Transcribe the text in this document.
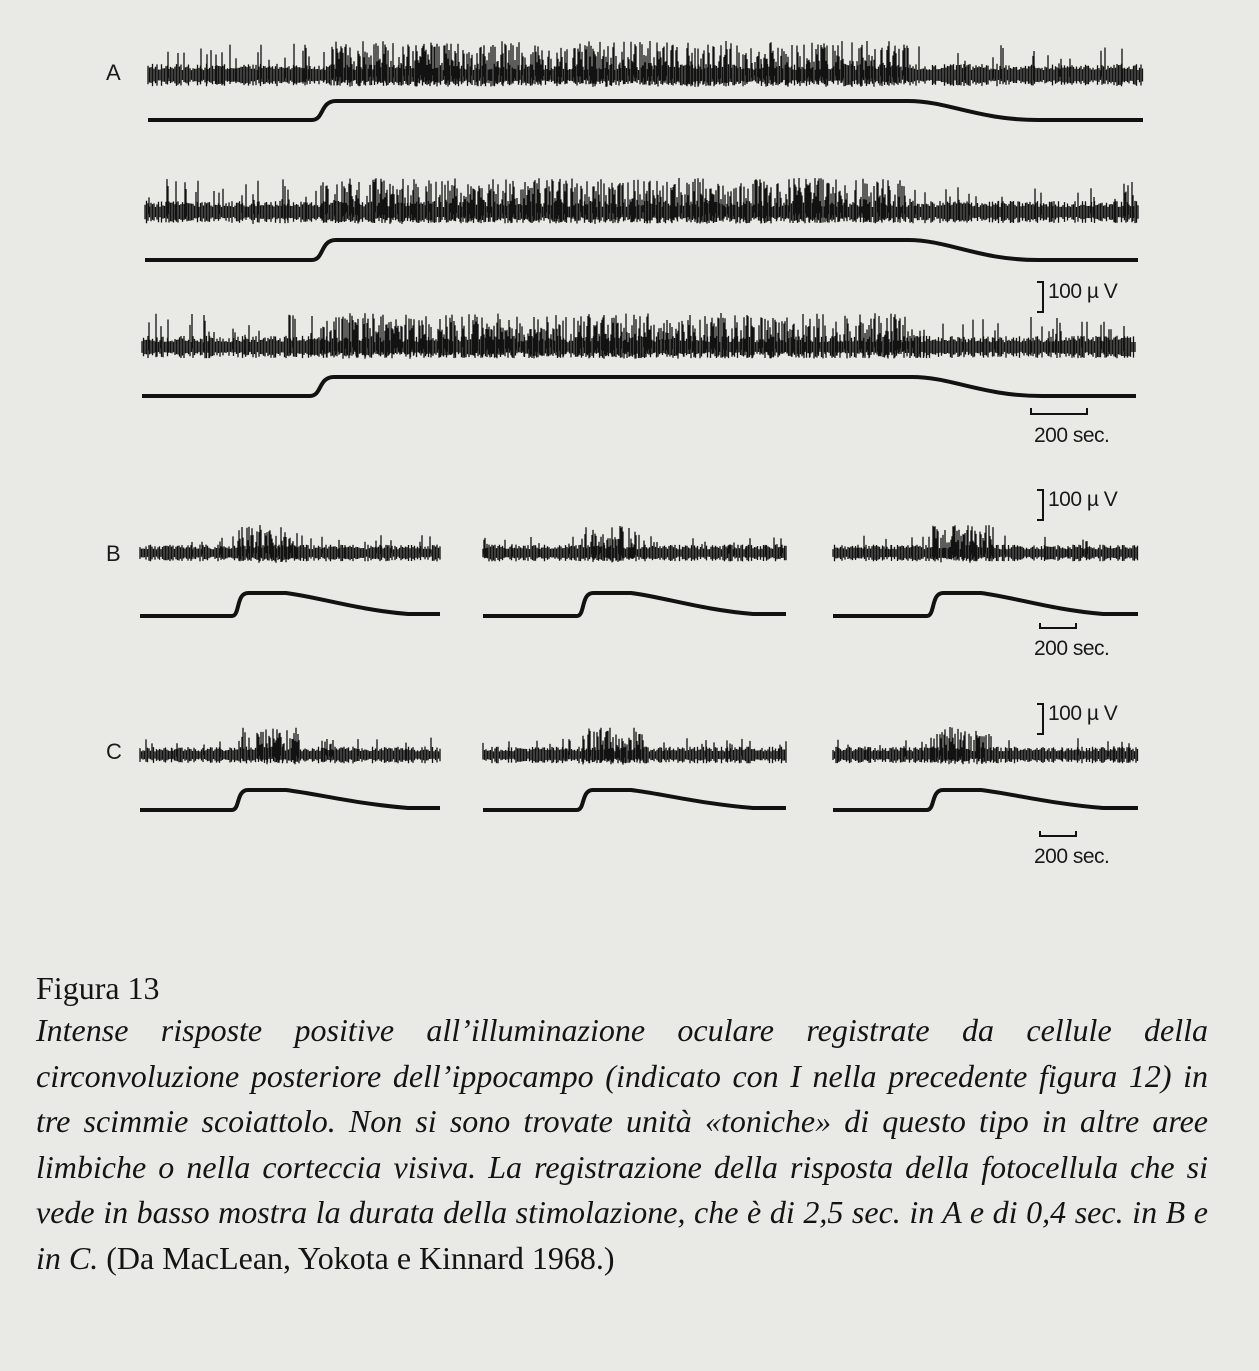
A
B
C
100 µ V
200 sec.
100 µ V
200 sec.
100 µ V
200 sec.
Figura 13
Intense risposte positive all’illuminazione oculare registrate da cellule della circonvoluzione posteriore dell’ippocampo (indicato con I nella precedente figura 12) in tre scimmie scoiattolo. Non si sono trovate unità «toniche» di questo tipo in altre aree limbiche o nella corteccia visiva. La registrazione della risposta della fotocellula che si vede in basso mostra la durata della stimolazione, che è di 2,5 sec. in A e di 0,4 sec. in B e in C. (Da MacLean, Yokota e Kinnard 1968.)
